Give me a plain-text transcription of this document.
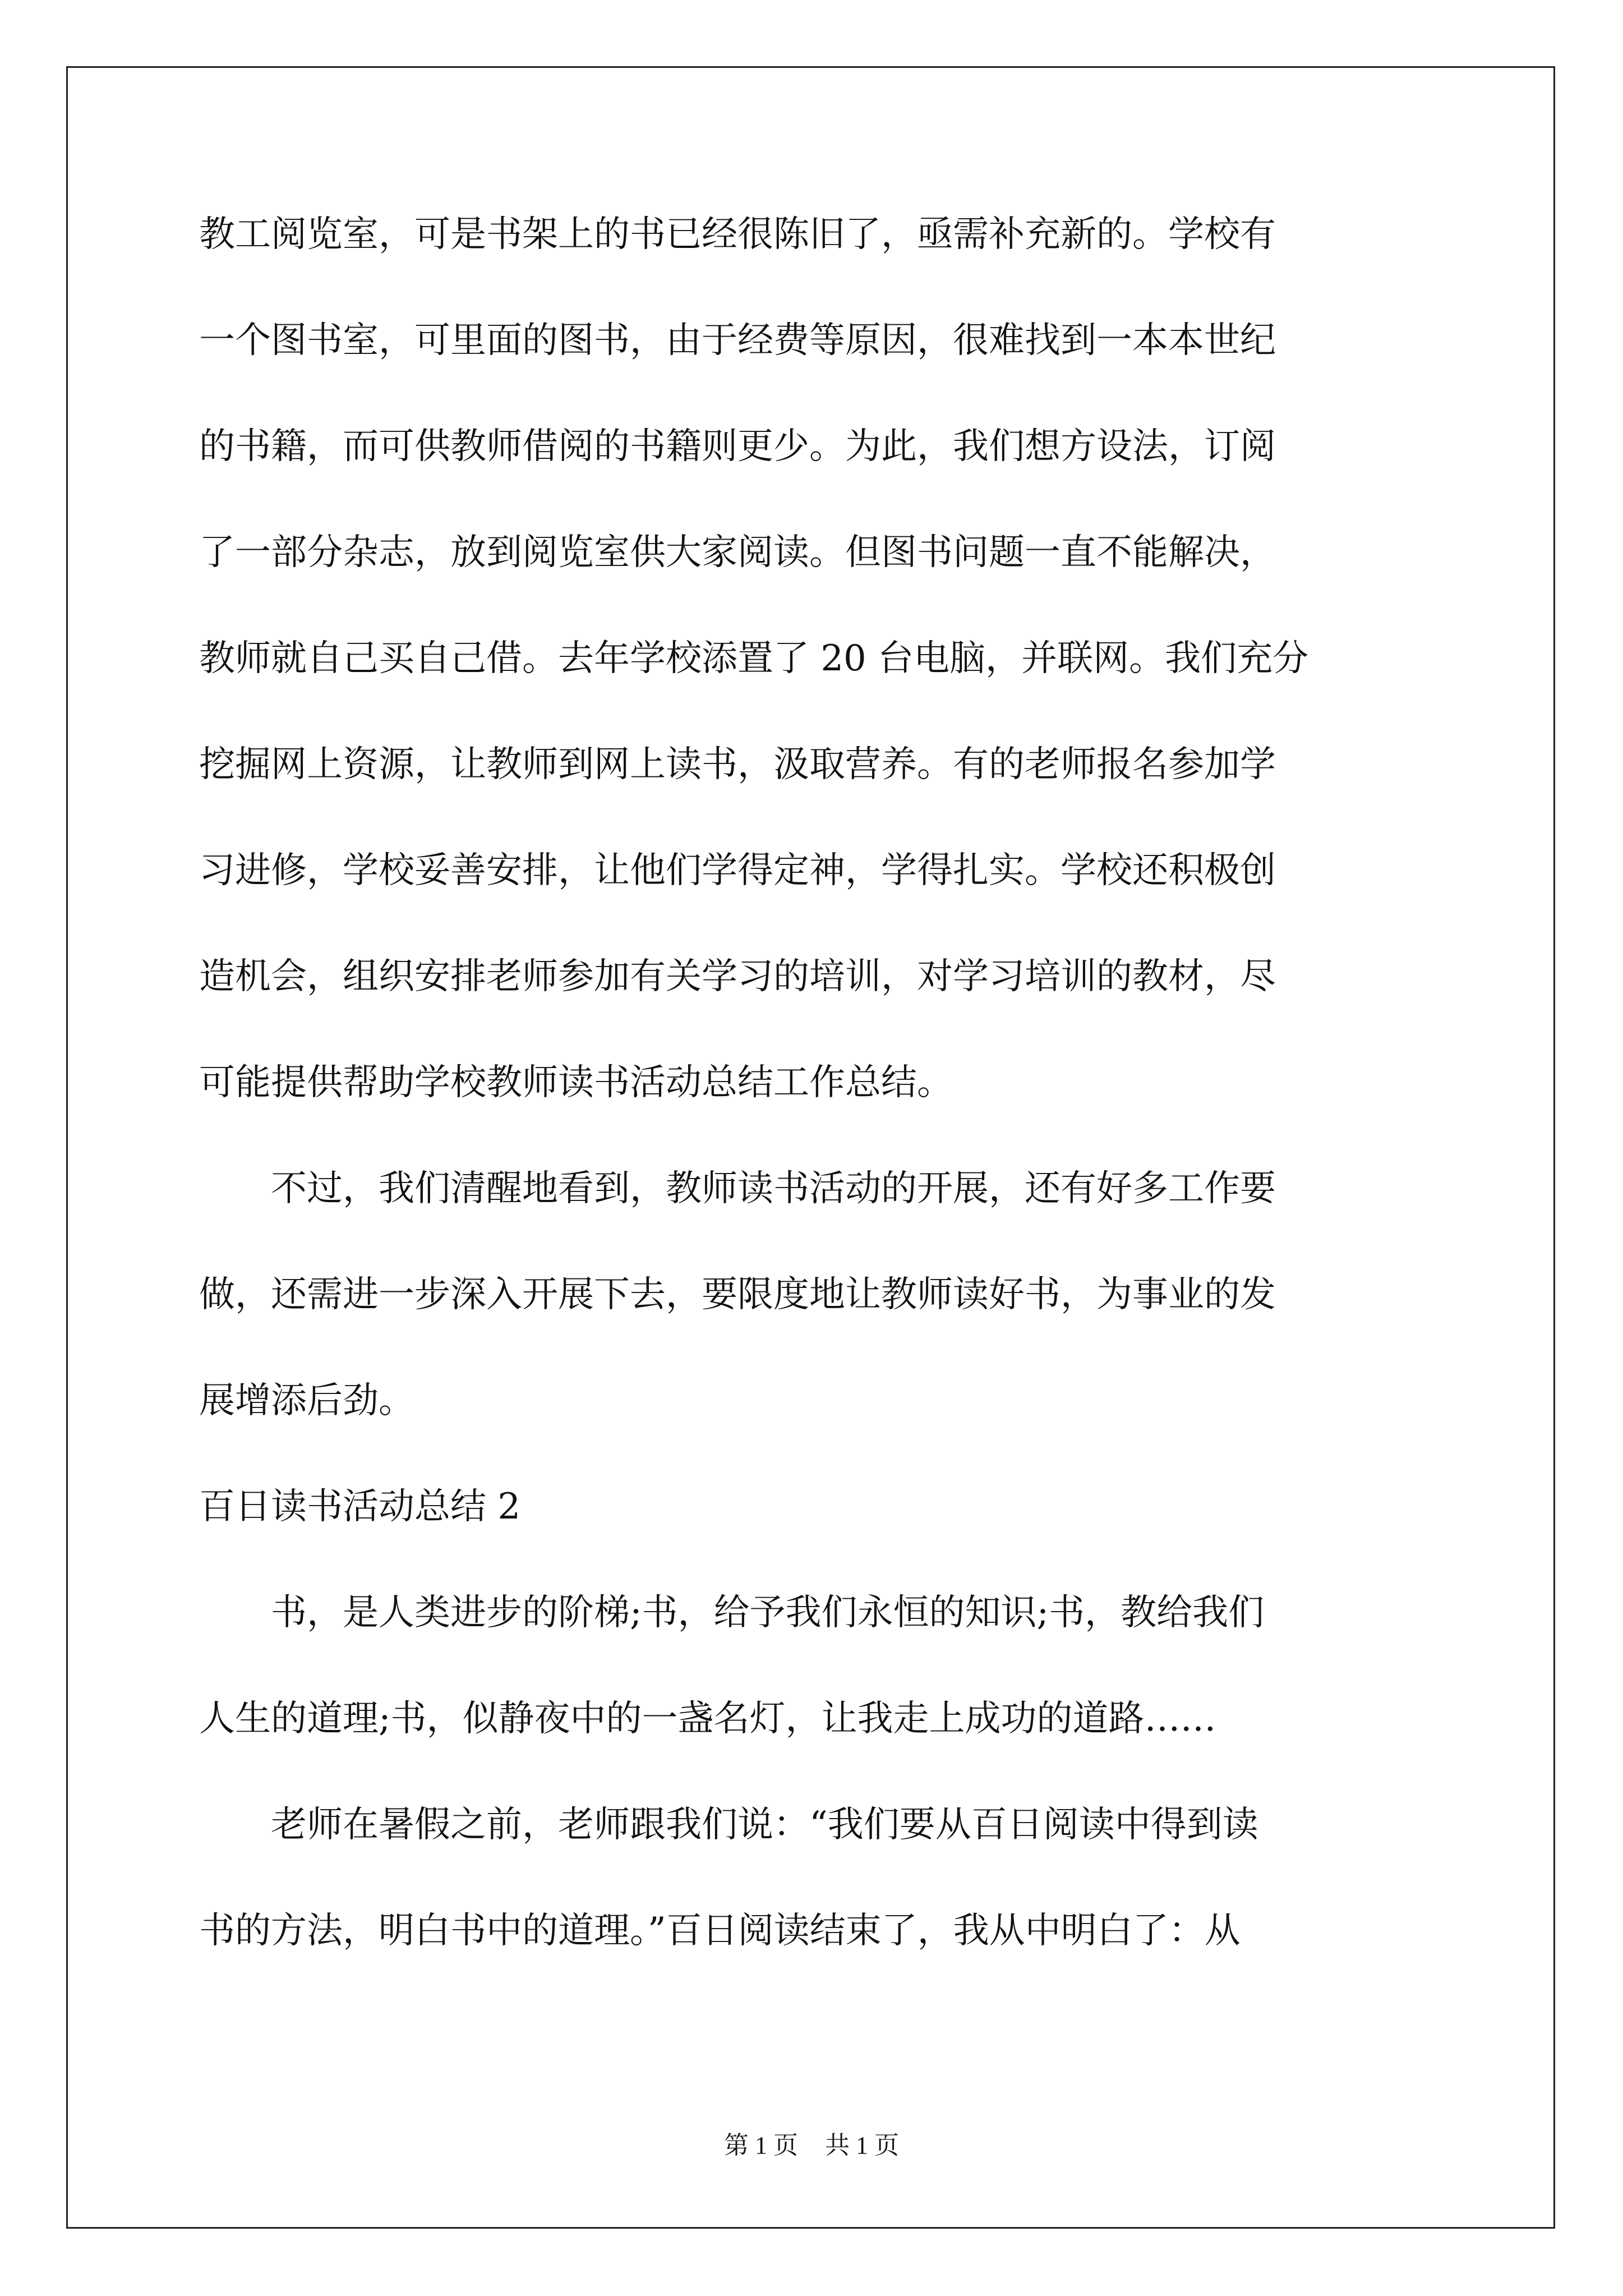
教工阅览室，可是书架上的书已经很陈旧了，亟需补充新的。学校有
一个图书室，可里面的图书，由于经费等原因，很难找到一本本世纪
的书籍，而可供教师借阅的书籍则更少。为此，我们想方设法，订阅
了一部分杂志，放到阅览室供大家阅读。但图书问题一直不能解决，
教师就自己买自己借。去年学校添置了 20 台电脑，并联网。我们充分
挖掘网上资源，让教师到网上读书，汲取营养。有的老师报名参加学
习进修，学校妥善安排，让他们学得定神，学得扎实。学校还积极创
造机会，组织安排老师参加有关学习的培训，对学习培训的教材，尽
可能提供帮助学校教师读书活动总结工作总结。
不过，我们清醒地看到，教师读书活动的开展，还有好多工作要
做，还需进一步深入开展下去，要限度地让教师读好书，为事业的发
展增添后劲。
百日读书活动总结 2
书，是人类进步的阶梯;书，给予我们永恒的知识;书，教给我们
人生的道理;书，似静夜中的一盏名灯，让我走上成功的道路……
老师在暑假之前，老师跟我们说：“我们要从百日阅读中得到读
书的方法，明白书中的道理。”百日阅读结束了，我从中明白了：从
第 1 页 共 1 页
